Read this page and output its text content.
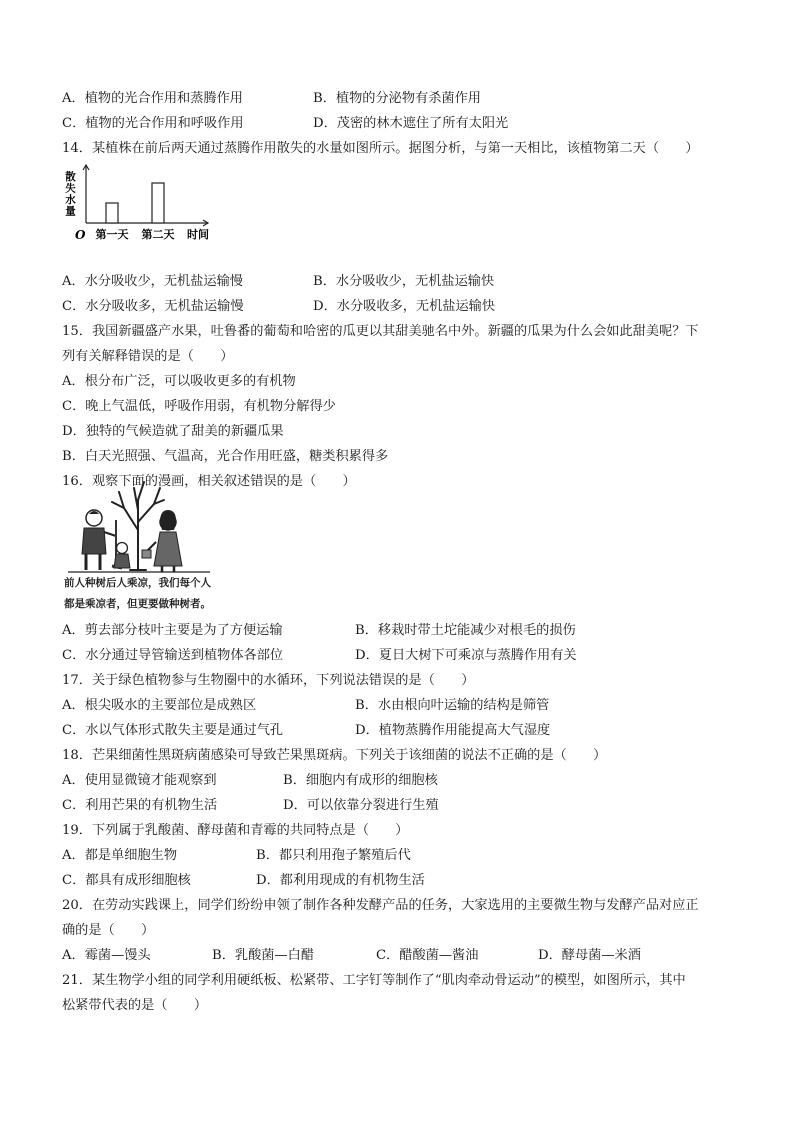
A．植物的光合作用和蒸腾作用	B．植物的分泌物有杀菌作用
C．植物的光合作用和呼吸作用	D．茂密的林木遮住了所有太阳光
14．某植株在前后两天通过蒸腾作用散失的水量如图所示。据图分析，与第一天相比，该植物第二天（　　）
散失水量
O 第一天 第二天 时间
A．水分吸收少，无机盐运输慢	B．水分吸收少，无机盐运输快
C．水分吸收多，无机盐运输慢	D．水分吸收多，无机盐运输快
15．我国新疆盛产水果，吐鲁番的葡萄和哈密的瓜更以其甜美驰名中外。新疆的瓜果为什么会如此甜美呢？下
列有关解释错误的是（　　）
A．根分布广泛，可以吸收更多的有机物
C．晚上气温低，呼吸作用弱，有机物分解得少
D．独特的气候造就了甜美的新疆瓜果
B．白天光照强、气温高，光合作用旺盛，糖类积累得多
16．观察下面的漫画，相关叙述错误的是（　　）
前人种树后人乘凉，我们每个人
都是乘凉者，但更要做种树者。
A．剪去部分枝叶主要是为了方便运输	B．移栽时带土坨能减少对根毛的损伤
C．水分通过导管输送到植物体各部位	D．夏日大树下可乘凉与蒸腾作用有关
17．关于绿色植物参与生物圈中的水循环，下列说法错误的是（　　）
A．根尖吸水的主要部位是成熟区	B．水由根向叶运输的结构是筛管
C．水以气体形式散失主要是通过气孔	D．植物蒸腾作用能提高大气湿度
18．芒果细菌性黑斑病菌感染可导致芒果黑斑病。下列关于该细菌的说法不正确的是（　　）
A．使用显微镜才能观察到	B．细胞内有成形的细胞核
C．利用芒果的有机物生活	D．可以依靠分裂进行生殖
19．下列属于乳酸菌、酵母菌和青霉的共同特点是（　　）
A．都是单细胞生物	B．都只利用孢子繁殖后代
C．都具有成形细胞核	D．都利用现成的有机物生活
20．在劳动实践课上，同学们纷纷申领了制作各种发酵产品的任务，大家选用的主要微生物与发酵产品对应正
确的是（　　）
A．霉菌—馒头	B．乳酸菌—白醋	C．醋酸菌—酱油	D．酵母菌—米酒
21．某生物学小组的同学利用硬纸板、松紧带、工字钉等制作了“肌肉牵动骨运动”的模型，如图所示，其中
松紧带代表的是（　　）
